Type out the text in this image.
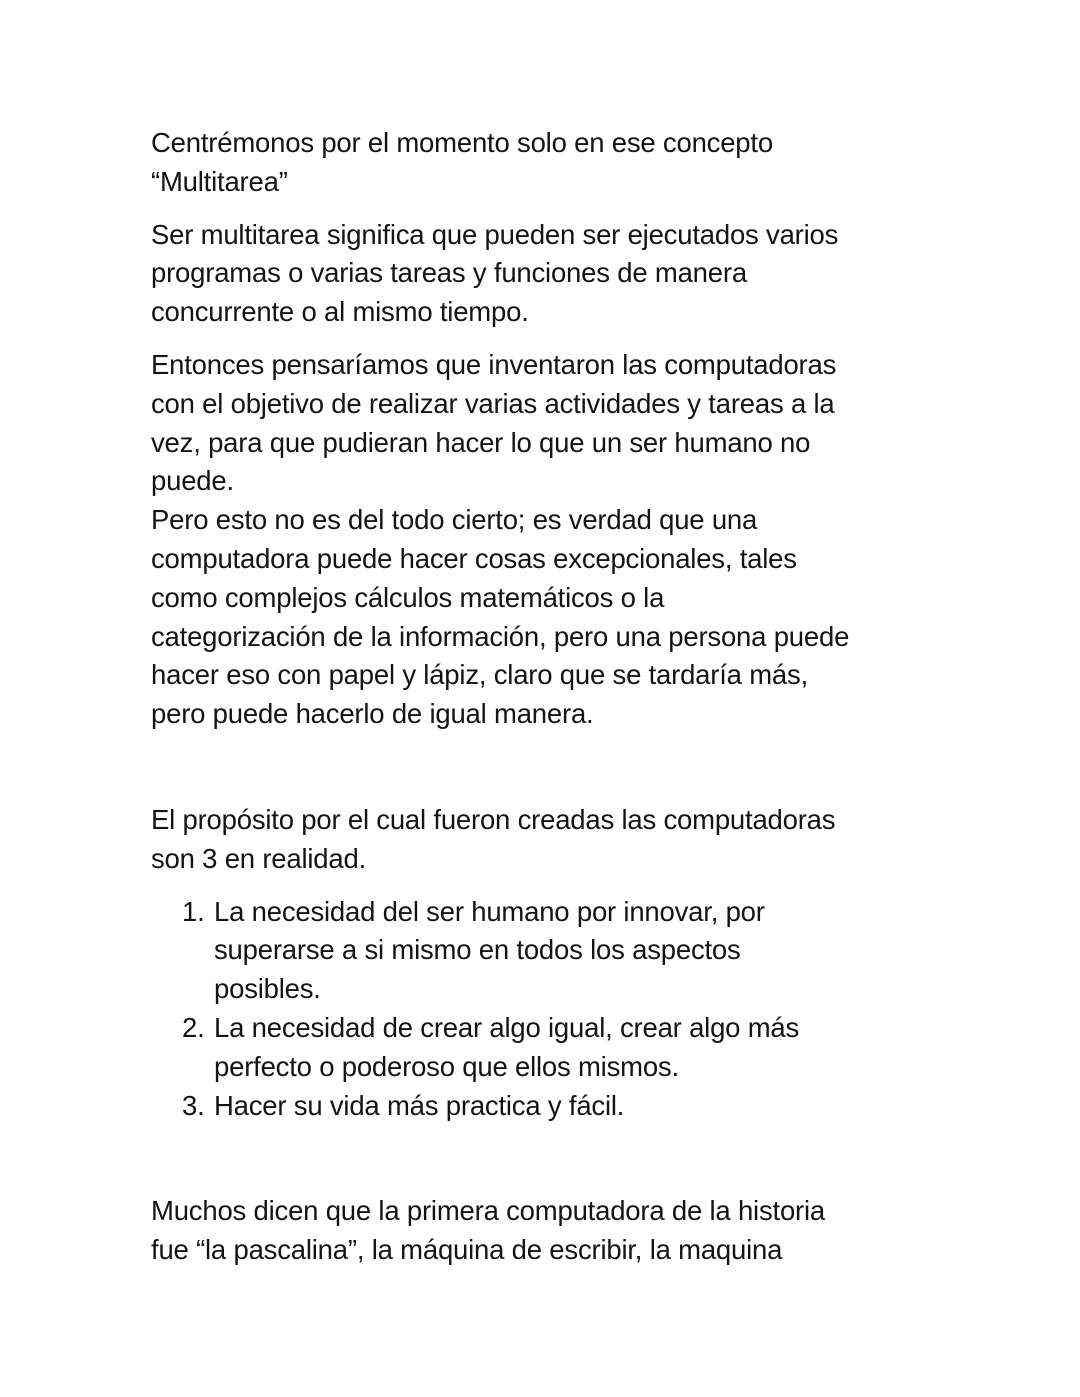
Centrémonos por el momento solo en ese concepto
“Multitarea”

Ser multitarea significa que pueden ser ejecutados varios
programas o varias tareas y funciones de manera
concurrente o al mismo tiempo.

Entonces pensaríamos que inventaron las computadoras
con el objetivo de realizar varias actividades y tareas a la
vez, para que pudieran hacer lo que un ser humano no
puede.
Pero esto no es del todo cierto; es verdad que una
computadora puede hacer cosas excepcionales, tales
como complejos cálculos matemáticos o la
categorización de la información, pero una persona puede
hacer eso con papel y lápiz, claro que se tardaría más,
pero puede hacerlo de igual manera.

El propósito por el cual fueron creadas las computadoras
son 3 en realidad.

1. La necesidad del ser humano por innovar, por
superarse a si mismo en todos los aspectos
posibles.
2. La necesidad de crear algo igual, crear algo más
perfecto o poderoso que ellos mismos.
3. Hacer su vida más practica y fácil.

Muchos dicen que la primera computadora de la historia
fue “la pascalina”, la máquina de escribir, la maquina
